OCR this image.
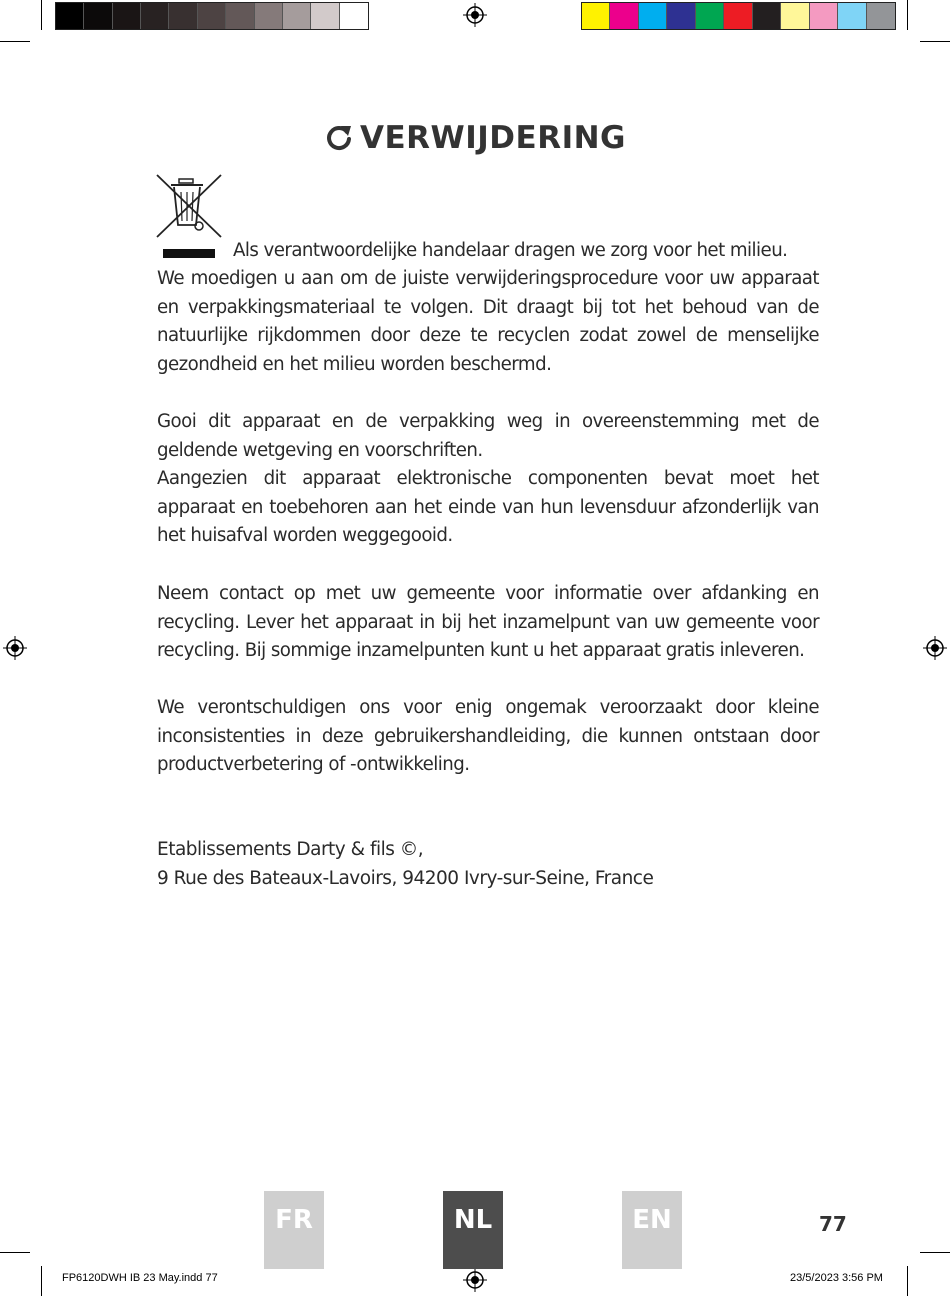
VERWIJDERING
Als verantwoordelijke handelaar dragen we zorg voor het milieu.
We moedigen u aan om de juiste verwijderingsprocedure voor uw apparaat en verpakkingsmateriaal te volgen. Dit draagt bij tot het behoud van de natuurlijke rijkdommen door deze te recyclen zodat zowel de menselijke gezondheid en het milieu worden beschermd.
Gooi dit apparaat en de verpakking weg in overeenstemming met de geldende wetgeving en voorschriften.
Aangezien dit apparaat elektronische componenten bevat moet het apparaat en toebehoren aan het einde van hun levensduur afzonderlijk van het huisafval worden weggegooid.
Neem contact op met uw gemeente voor informatie over afdanking en recycling. Lever het apparaat in bij het inzamelpunt van uw gemeente voor recycling. Bij sommige inzamelpunten kunt u het apparaat gratis inleveren.
We verontschuldigen ons voor enig ongemak veroorzaakt door kleine inconsistenties in deze gebruikershandleiding, die kunnen ontstaan door productverbetering of -ontwikkeling.
Etablissements Darty & fils ©,
9 Rue des Bateaux-Lavoirs, 94200 Ivry-sur-Seine, France
FR	NL	EN	77
FP6120DWH IB 23 May.indd 77	23/5/2023 3:56 PM
